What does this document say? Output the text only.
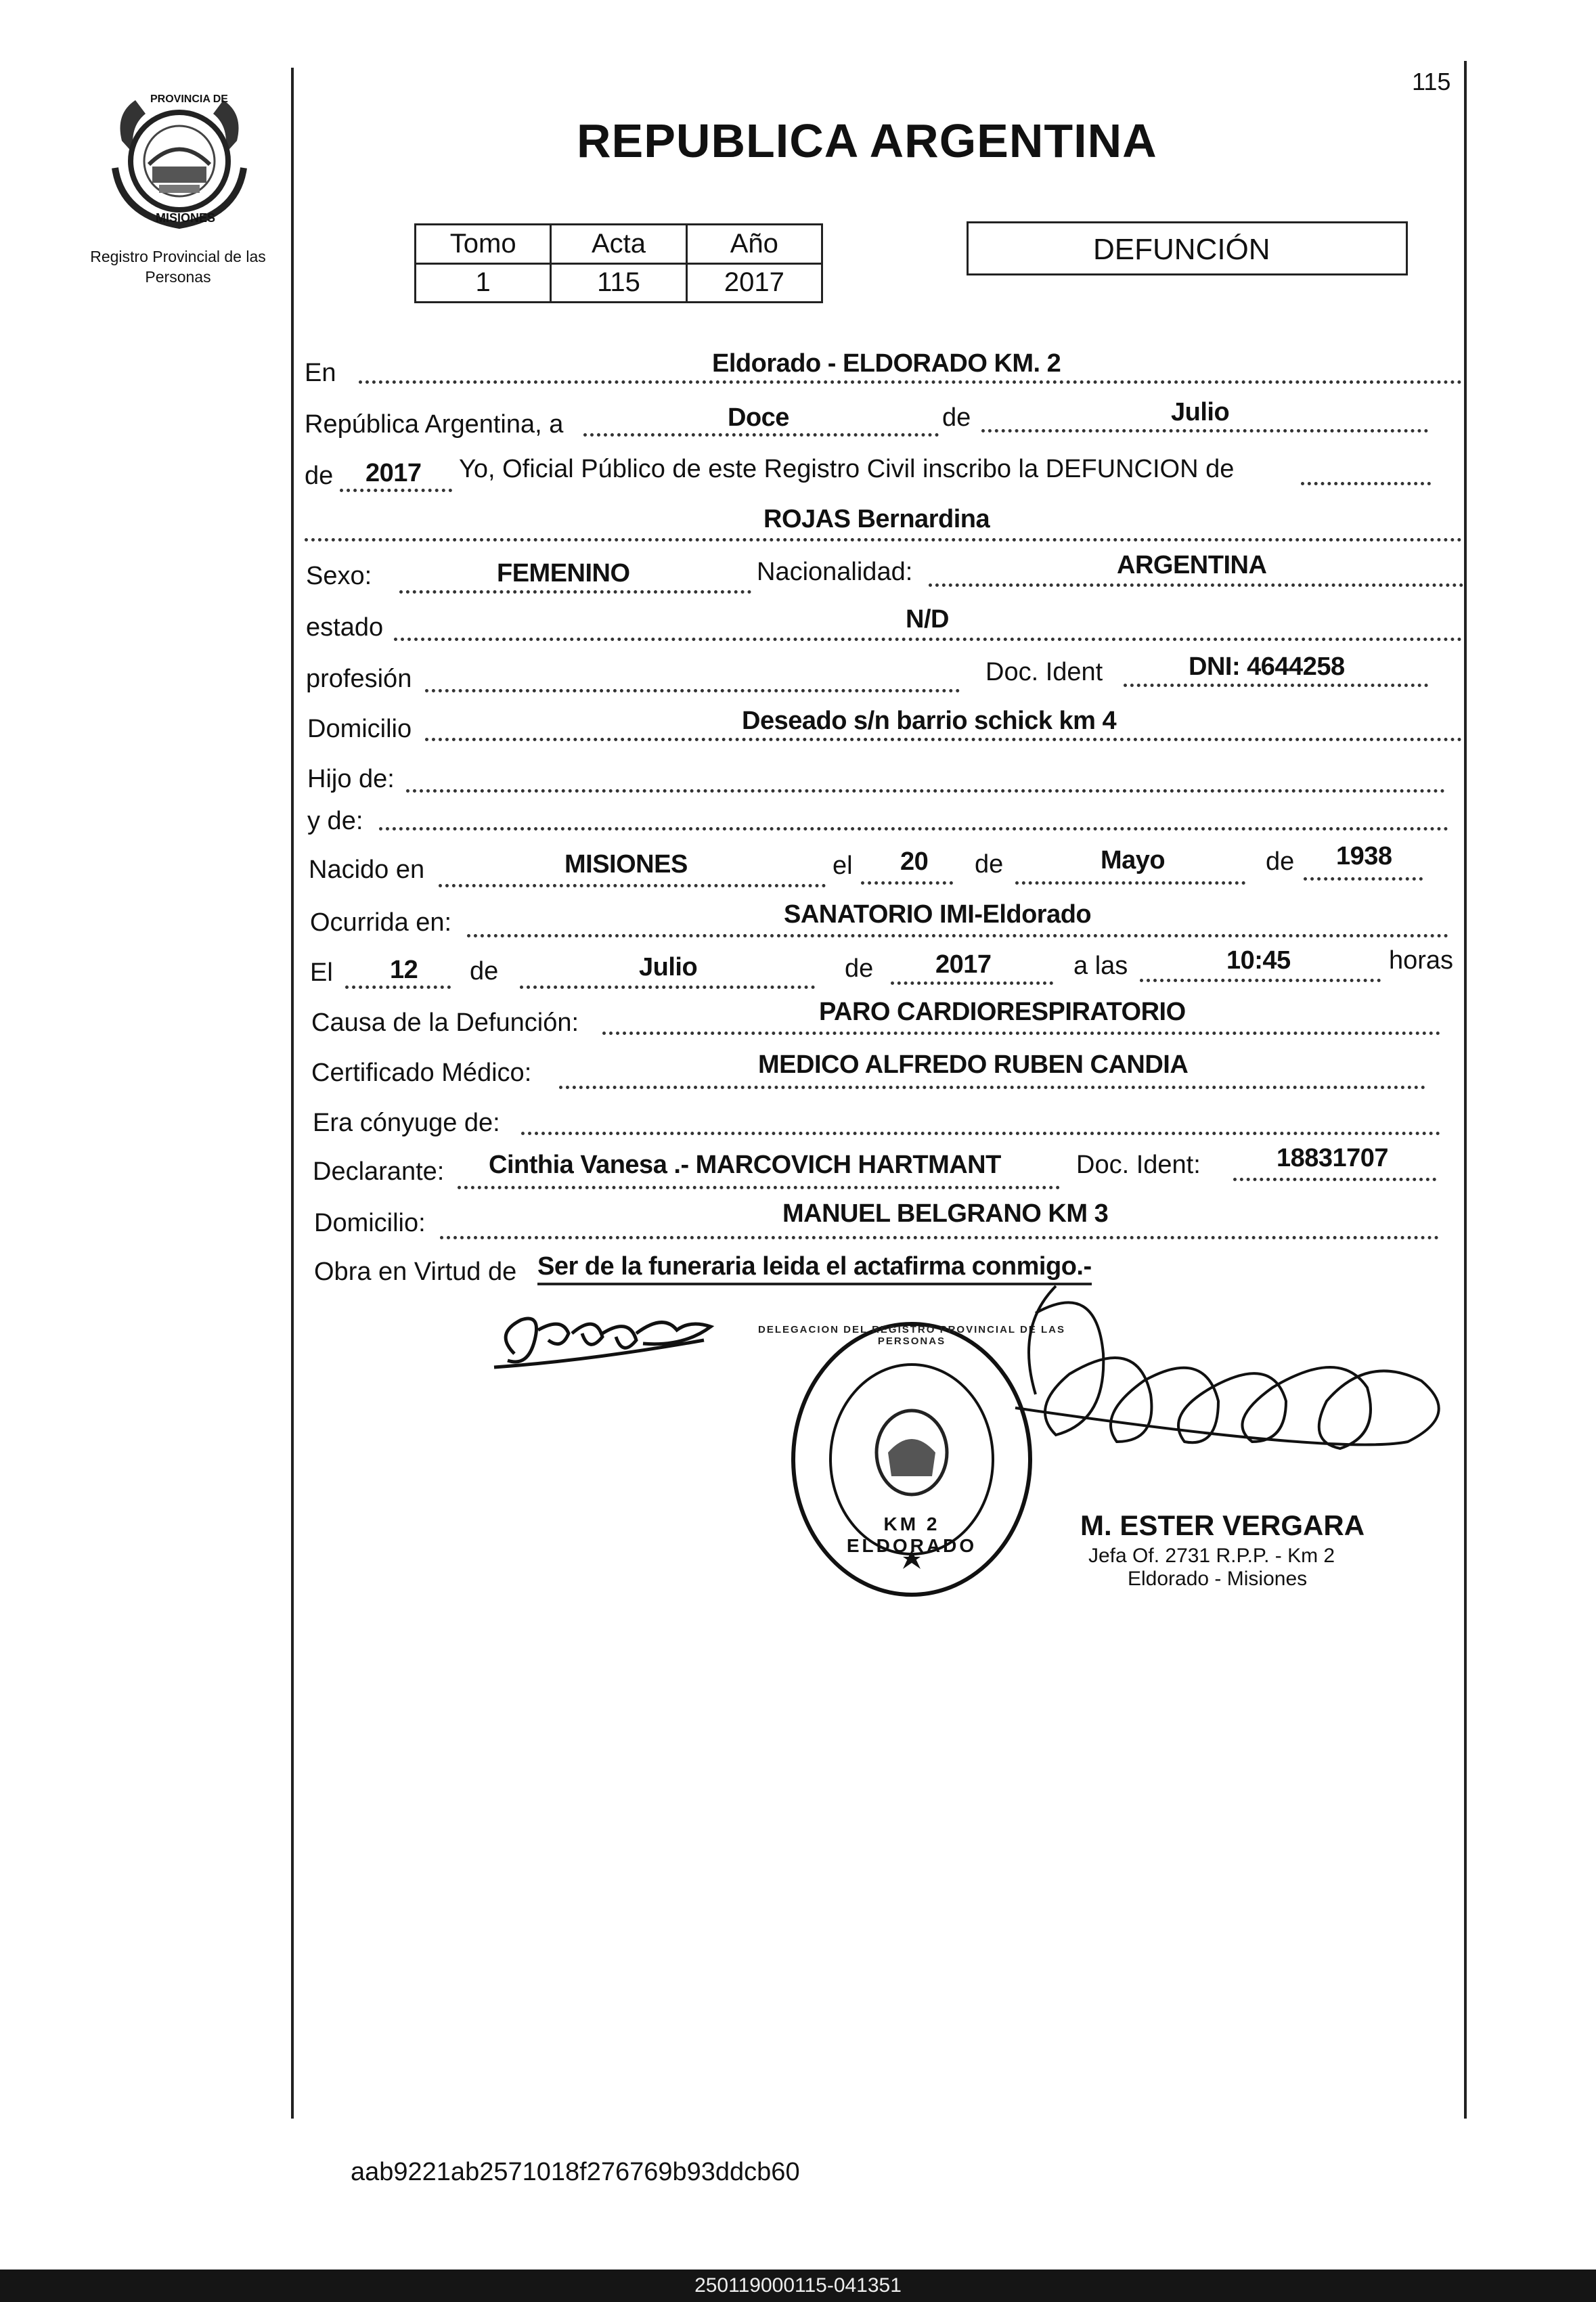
115
PROVINCIA DE
MISIONES
Registro Provincial de las Personas
REPUBLICA ARGENTINA
Tomo	Acta	Año
1	115	2017
DEFUNCIÓN
En	Eldorado - ELDORADO KM. 2
República Argentina, a	Doce	de	Julio
de 2017 Yo, Oficial Público de este Registro Civil inscribo la DEFUNCION de
ROJAS Bernardina
Sexo:	FEMENINO	Nacionalidad:	ARGENTINA
estado	N/D
profesión	Doc. Ident	DNI: 4644258
Domicilio	Deseado s/n barrio schick km 4
Hijo de:
y de:
Nacido en	MISIONES	el 20 de	Mayo	de 1938
Ocurrida en:	SANATORIO IMI-Eldorado
El 12 de	Julio	de 2017	a las	10:45	horas
Causa de la Defunción:	PARO CARDIORESPIRATORIO
Certificado Médico:	MEDICO ALFREDO RUBEN CANDIA
Era cónyuge de:
Declarante: Cinthia Vanesa .- MARCOVICH HARTMANT	Doc. Ident:	18831707
Domicilio:	MANUEL BELGRANO KM 3
Obra en Virtud de Ser de la funeraria leida el actafirma conmigo.-
DELEGACION DEL REGISTRO PROVINCIAL DE LAS PERSONAS
KM 2 ELDORADO
M. ESTER VERGARA
Jefa Of. 2731 R.P.P. - Km 2
Eldorado - Misiones
aab9221ab2571018f276769b93ddcb60
250119000115-041351
